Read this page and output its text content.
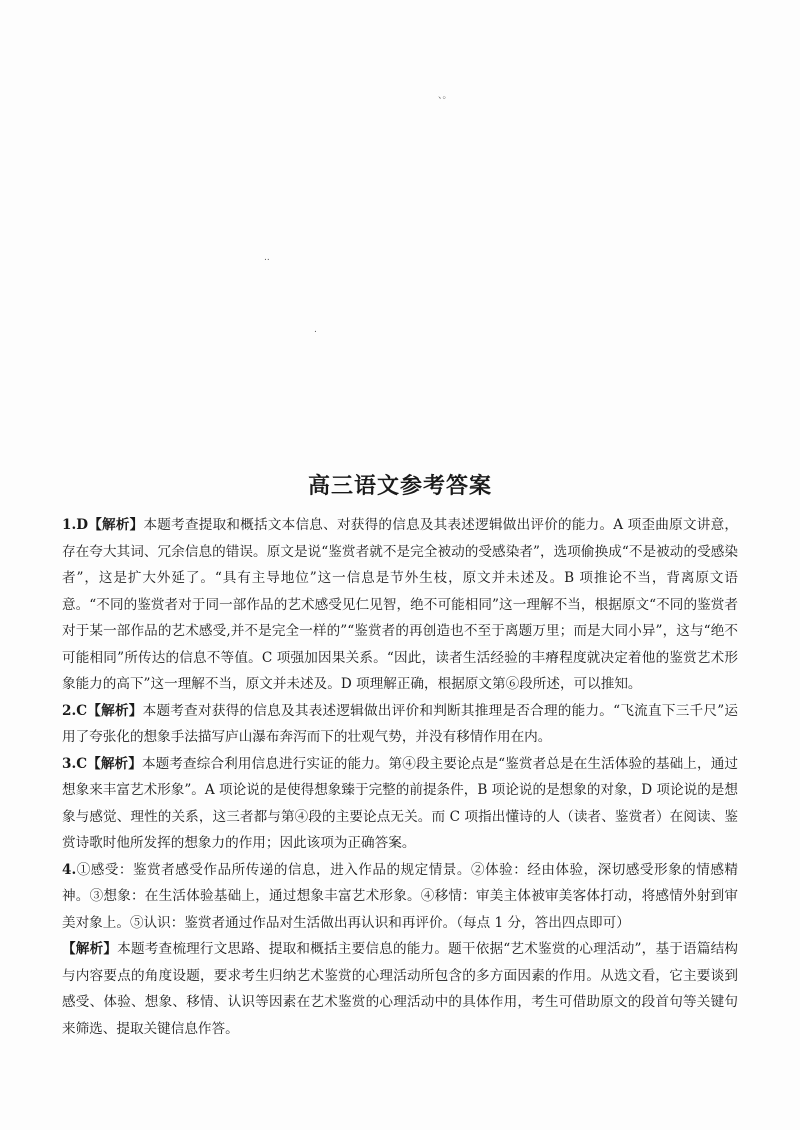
、。
..
.
高三语文参考答案

1.D【解析】本题考查提取和概括文本信息、对获得的信息及其表述逻辑做出评价的能力。A 项歪曲原文讲意，存在夸大其词、冗余信息的错误。原文是说“鉴赏者就不是完全被动的受感染者”，选项偷换成“不是被动的受感染者”，这是扩大外延了。“具有主导地位”这一信息是节外生枝，原文并未述及。B 项推论不当，背离原文语意。“不同的鉴赏者对于同一部作品的艺术感受见仁见智，绝不可能相同”这一理解不当，根据原文“不同的鉴赏者对于某一部作品的艺术感受,并不是完全一样的”“鉴赏者的再创造也不至于离题万里；而是大同小异”，这与“绝不可能相同”所传达的信息不等值。C 项强加因果关系。“因此，读者生活经验的丰瘠程度就决定着他的鉴赏艺术形象能力的高下”这一理解不当，原文并未述及。D 项理解正确，根据原文第⑥段所述，可以推知。

2.C【解析】本题考查对获得的信息及其表述逻辑做出评价和判断其推理是否合理的能力。“飞流直下三千尺”运用了夸张化的想象手法描写庐山瀑布奔泻而下的壮观气势，并没有移情作用在内。

3.C【解析】本题考查综合利用信息进行实证的能力。第④段主要论点是“鉴赏者总是在生活体验的基础上，通过想象来丰富艺术形象”。A 项论说的是使得想象臻于完整的前提条件，B 项论说的是想象的对象，D 项论说的是想象与感觉、理性的关系，这三者都与第④段的主要论点无关。而 C 项指出懂诗的人（读者、鉴赏者）在阅读、鉴赏诗歌时他所发挥的想象力的作用；因此该项为正确答案。

4.①感受：鉴赏者感受作品所传递的信息，进入作品的规定情景。②体验：经由体验，深切感受形象的情感精神。③想象：在生活体验基础上，通过想象丰富艺术形象。④移情：审美主体被审美客体打动，将感情外射到审美对象上。⑤认识：鉴赏者通过作品对生活做出再认识和再评价。（每点 1 分，答出四点即可）

【解析】本题考查梳理行文思路、提取和概括主要信息的能力。题干依据“艺术鉴赏的心理活动”，基于语篇结构与内容要点的角度设题，要求考生归纳艺术鉴赏的心理活动所包含的多方面因素的作用。从选文看，它主要谈到感受、体验、想象、移情、认识等因素在艺术鉴赏的心理活动中的具体作用，考生可借助原文的段首句等关键句来筛选、提取关键信息作答。
